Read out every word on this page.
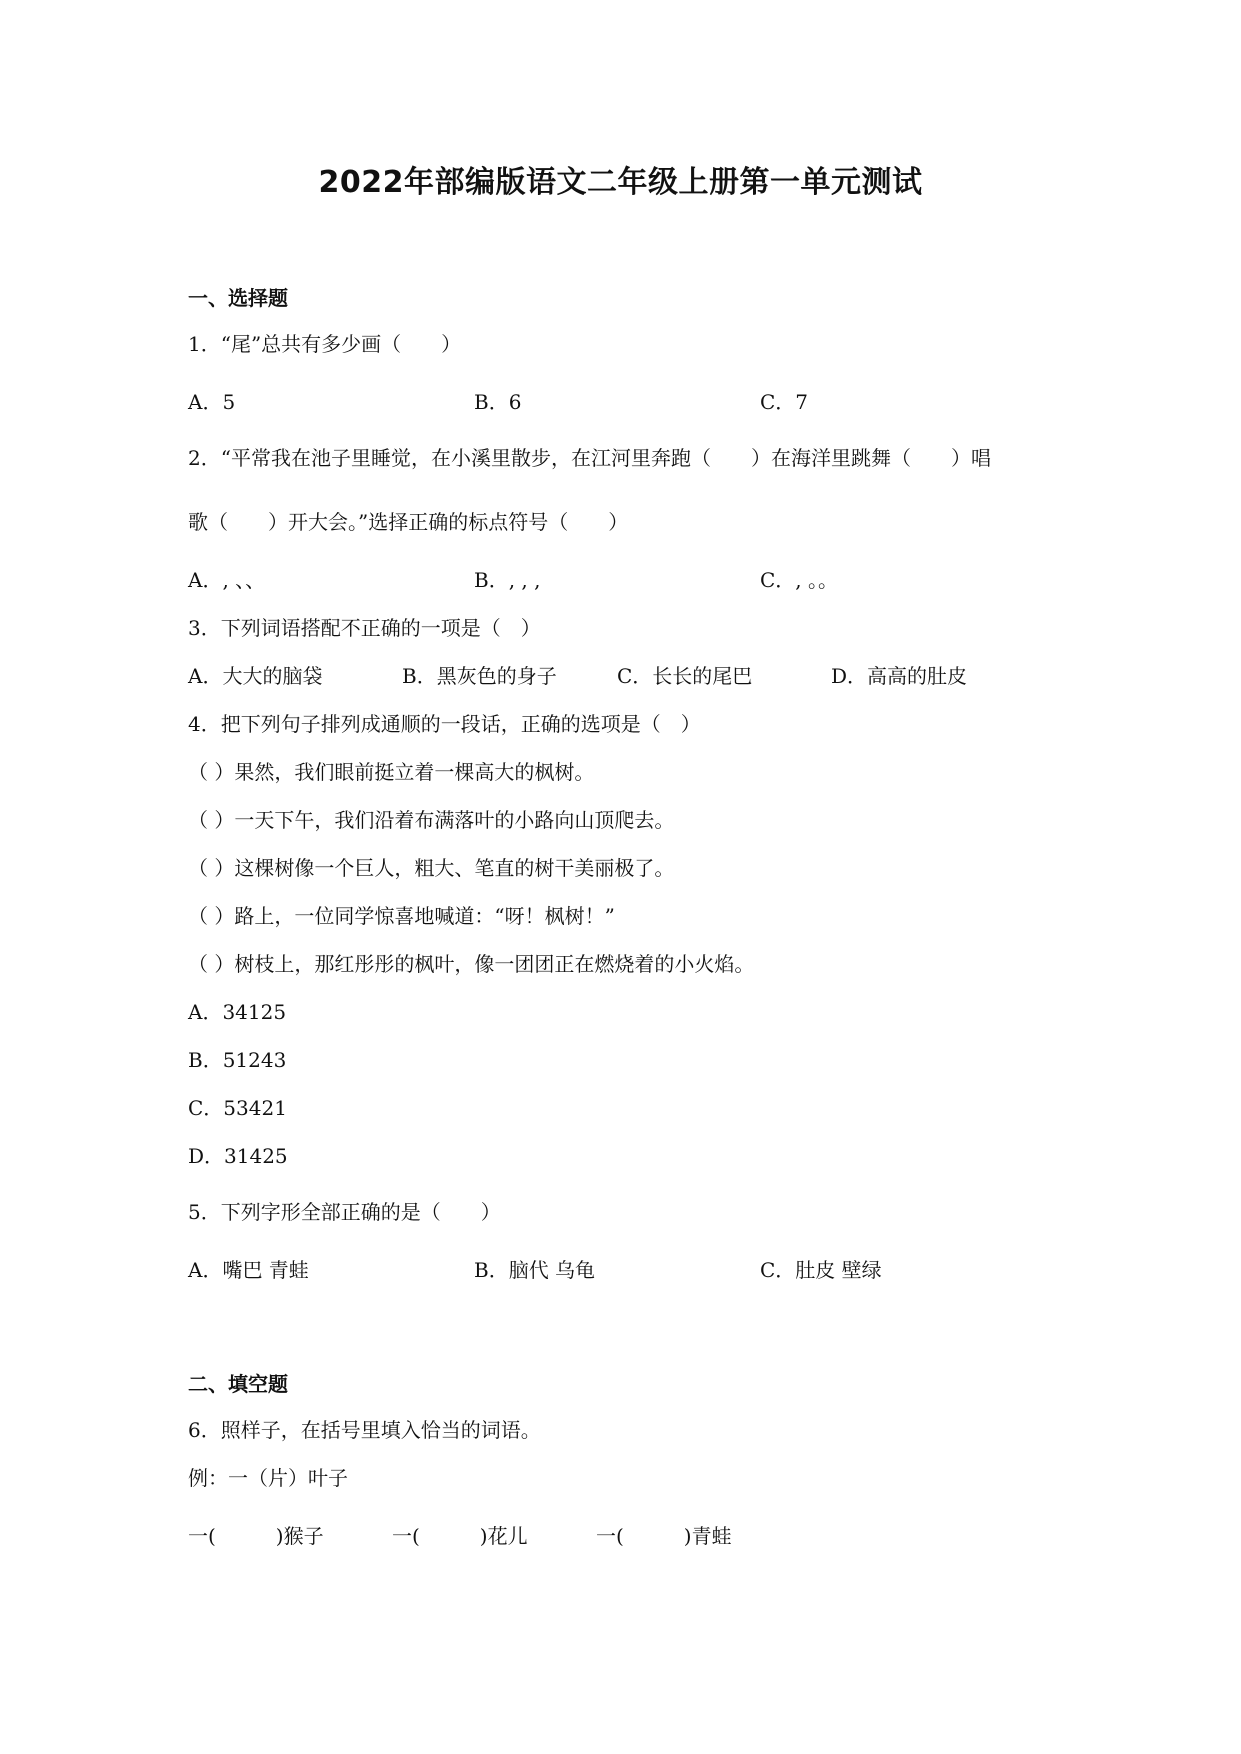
2022年部编版语文二年级上册第一单元测试
一、选择题
1．“尾”总共有多少画（　　）
A．5	B．6	C．7
2．“平常我在池子里睡觉，在小溪里散步，在江河里奔跑（　　）在海洋里跳舞（　　）唱
歌（　　）开大会。”选择正确的标点符号（　　）
A．, 、、	B．, , ,	C．, 。。
3．下列词语搭配不正确的一项是（　）
A．大大的脑袋	B．黑灰色的身子	C．长长的尾巴	D．高高的肚皮
4．把下列句子排列成通顺的一段话，正确的选项是（　）
（ ）果然，我们眼前挺立着一棵高大的枫树。
（ ）一天下午，我们沿着布满落叶的小路向山顶爬去。
（ ）这棵树像一个巨人，粗大、笔直的树干美丽极了。
（ ）路上，一位同学惊喜地喊道：“呀！枫树！”
（ ）树枝上，那红彤彤的枫叶，像一团团正在燃烧着的小火焰。
A．34125
B．51243
C．53421
D．31425
5．下列字形全部正确的是（　　）
A．嘴巴 青蛙	B．脑代 乌龟	C．肚皮 壁绿
二、填空题
6．照样子，在括号里填入恰当的词语。
例：一（片）叶子
一(　　　)猴子	一(　　　)花儿	一(　　　)青蛙
